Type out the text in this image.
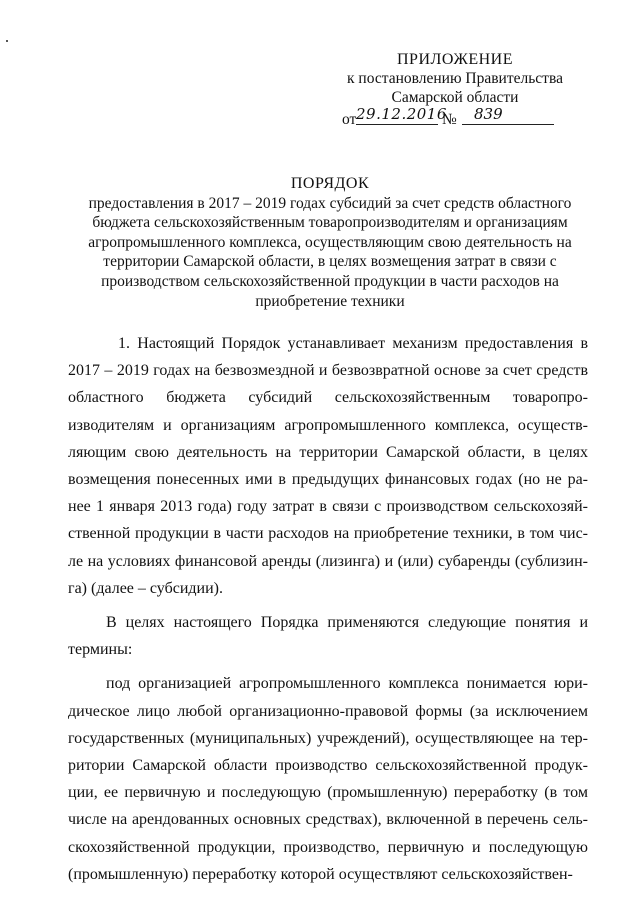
ПРИЛОЖЕНИЕ
к постановлению Правительства
Самарской области
от 29.12.2016
№	839
ПОРЯДОК
предоставления в 2017 – 2019 годах субсидий за счет средств областного бюджета сельскохозяйственным товаропроизводителям и организациям агропромышленного комплекса, осуществляющим свою деятельность на территории Самарской области, в целях возмещения затрат в связи с производством сельскохозяйственной продукции в части расходов на приобретение техники

1. Настоящий Порядок устанавливает механизм предоставления в 2017 – 2019 годах на безвозмездной и безвозвратной основе за счет средств областного бюджета субсидий сельскохозяйственным товаропроизводителям и организациям агропромышленного комплекса, осуществляющим свою деятельность на территории Самарской области, в целях возмещения понесенных ими в предыдущих финансовых годах (но не ранее 1 января 2013 года) году затрат в связи с производством сельскохозяйственной продукции в части расходов на приобретение техники, в том числе на условиях финансовой аренды (лизинга) и (или) субаренды (сублизинга) (далее – субсидии).

В целях настоящего Порядка применяются следующие понятия и термины:

под организацией агропромышленного комплекса понимается юридическое лицо любой организационно-правовой формы (за исключением государственных (муниципальных) учреждений), осуществляющее на территории Самарской области производство сельскохозяйственной продукции, ее первичную и последующую (промышленную) переработку (в том числе на арендованных основных средствах), включенной в перечень сельскохозяйственной продукции, производство, первичную и последующую (промышленную) переработку которой осуществляют сельскохозяйствен-
